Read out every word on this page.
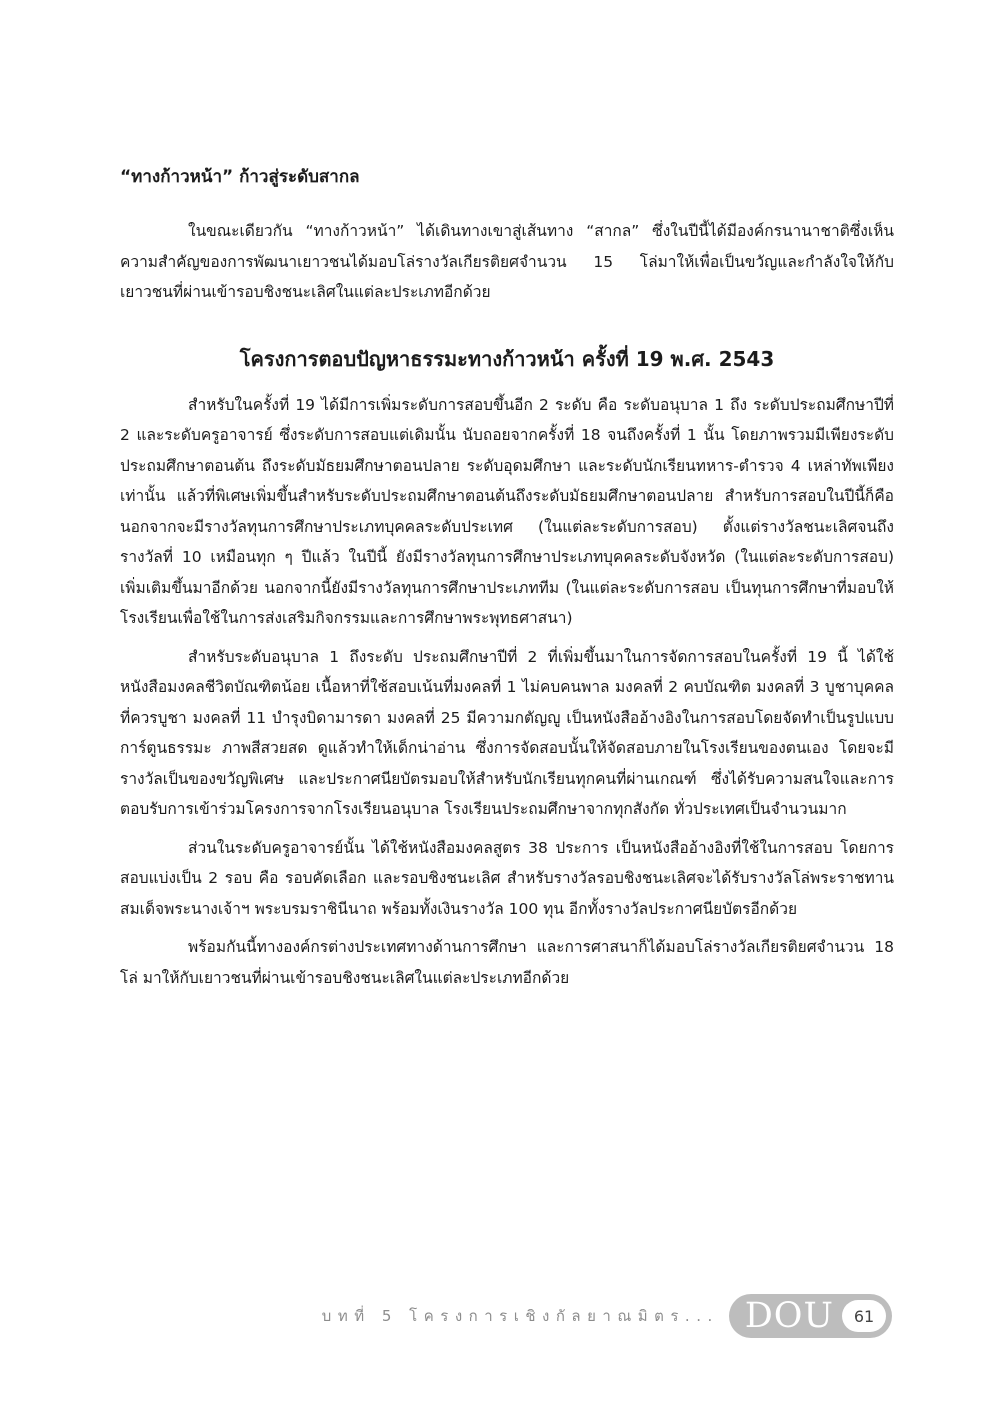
“ทางก้าวหน้า” ก้าวสู่ระดับสากล

ในขณะเดียวกัน “ทางก้าวหน้า” ได้เดินทางเขาสู่เส้นทาง “สากล” ซึ่งในปีนี้ได้มีองค์กรนานาชาติซึ่งเห็นความสำคัญของการพัฒนาเยาวชนได้มอบโล่รางวัลเกียรติยศจำนวน 15 โล่มาให้เพื่อเป็นขวัญและกำลังใจให้กับเยาวชนที่ผ่านเข้ารอบชิงชนะเลิศในแต่ละประเภทอีกด้วย

โครงการตอบปัญหาธรรมะทางก้าวหน้า ครั้งที่ 19 พ.ศ. 2543

สำหรับในครั้งที่ 19 ได้มีการเพิ่มระดับการสอบขึ้นอีก 2 ระดับ คือ ระดับอนุบาล 1 ถึง ระดับประถมศึกษาปีที่ 2 และระดับครูอาจารย์ ซึ่งระดับการสอบแต่เดิมนั้น นับถอยจากครั้งที่ 18 จนถึงครั้งที่ 1 นั้น โดยภาพรวมมีเพียงระดับประถมศึกษาตอนต้น ถึงระดับมัธยมศึกษาตอนปลาย ระดับอุดมศึกษา และระดับนักเรียนทหาร-ตำรวจ 4 เหล่าทัพเพียงเท่านั้น แล้วที่พิเศษเพิ่มขึ้นสำหรับระดับประถมศึกษาตอนต้นถึงระดับมัธยมศึกษาตอนปลาย สำหรับการสอบในปีนี้ก็คือ นอกจากจะมีรางวัลทุนการศึกษาประเภทบุคคลระดับประเทศ (ในแต่ละระดับการสอบ) ตั้งแต่รางวัลชนะเลิศจนถึงรางวัลที่ 10 เหมือนทุก ๆ ปีแล้ว ในปีนี้ ยังมีรางวัลทุนการศึกษาประเภทบุคคลระดับจังหวัด (ในแต่ละระดับการสอบ) เพิ่มเติมขึ้นมาอีกด้วย นอกจากนี้ยังมีรางวัลทุนการศึกษาประเภททีม (ในแต่ละระดับการสอบ เป็นทุนการศึกษาที่มอบให้โรงเรียนเพื่อใช้ในการส่งเสริมกิจกรรมและการศึกษาพระพุทธศาสนา)

สำหรับระดับอนุบาล 1 ถึงระดับ ประถมศึกษาปีที่ 2 ที่เพิ่มขึ้นมาในการจัดการสอบในครั้งที่ 19 นี้ ได้ใช้หนังสือมงคลชีวิตบัณฑิตน้อย เนื้อหาที่ใช้สอบเน้นที่มงคลที่ 1 ไม่คบคนพาล มงคลที่ 2 คบบัณฑิต มงคลที่ 3 บูชาบุคคลที่ควรบูชา มงคลที่ 11 บำรุงบิดามารดา มงคลที่ 25 มีความกตัญญู เป็นหนังสืออ้างอิงในการสอบโดยจัดทำเป็นรูปแบบการ์ตูนธรรมะ ภาพสีสวยสด ดูแล้วทำให้เด็กน่าอ่าน ซึ่งการจัดสอบนั้นให้จัดสอบภายในโรงเรียนของตนเอง โดยจะมีรางวัลเป็นของขวัญพิเศษ และประกาศนียบัตรมอบให้สำหรับนักเรียนทุกคนที่ผ่านเกณฑ์ ซึ่งได้รับความสนใจและการตอบรับการเข้าร่วมโครงการจากโรงเรียนอนุบาล โรงเรียนประถมศึกษาจากทุกสังกัด ทั่วประเทศเป็นจำนวนมาก

ส่วนในระดับครูอาจารย์นั้น ได้ใช้หนังสือมงคลสูตร 38 ประการ เป็นหนังสืออ้างอิงที่ใช้ในการสอบ โดยการสอบแบ่งเป็น 2 รอบ คือ รอบคัดเลือก และรอบชิงชนะเลิศ สำหรับรางวัลรอบชิงชนะเลิศจะได้รับรางวัลโล่พระราชทานสมเด็จพระนางเจ้าฯ พระบรมราชินีนาถ พร้อมทั้งเงินรางวัล 100 ทุน อีกทั้งรางวัลประกาศนียบัตรอีกด้วย

พร้อมกันนี้ทางองค์กรต่างประเทศทางด้านการศึกษา และการศาสนาก็ได้มอบโล่รางวัลเกียรติยศจำนวน 18 โล่ มาให้กับเยาวชนที่ผ่านเข้ารอบชิงชนะเลิศในแต่ละประเภทอีกด้วย

บทที่ 5 โครงการเชิงกัลยาณมิตร... DOU	61
